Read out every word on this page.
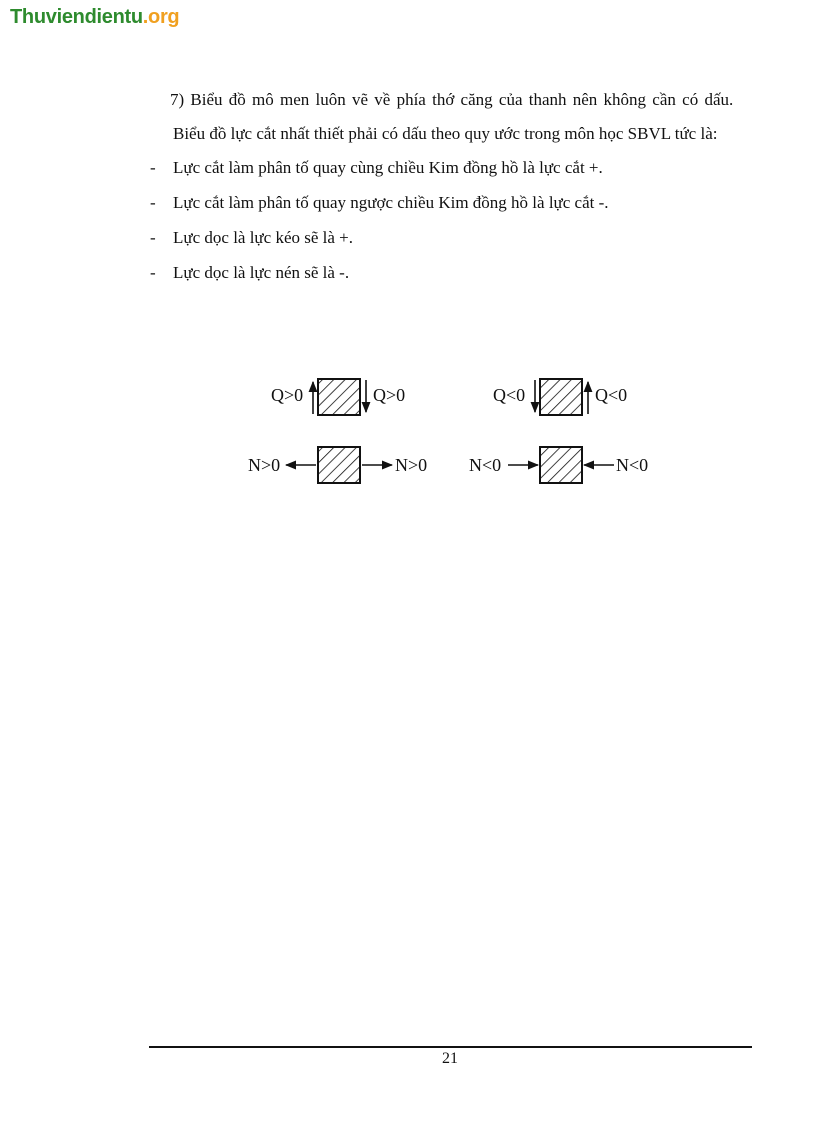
Thuviendientu.org

7) Biểu đồ mô men luôn vẽ về phía thớ căng của thanh nên không cần có dấu.

Biểu đồ lực cắt nhất thiết phải có dấu theo quy ước trong môn học SBVL tức là:

-	Lực cắt làm phân tố quay cùng chiều Kim đồng hồ là lực cắt +.
-	Lực cắt làm phân tố quay ngược chiều Kim đồng hồ là lực cắt -.
-	Lực dọc là lực kéo sẽ là +.
-	Lực dọc là lực nén sẽ là -.
Q>0	Q>0	Q<0	Q<0
N>0	N>0 N<0	N<0
21
